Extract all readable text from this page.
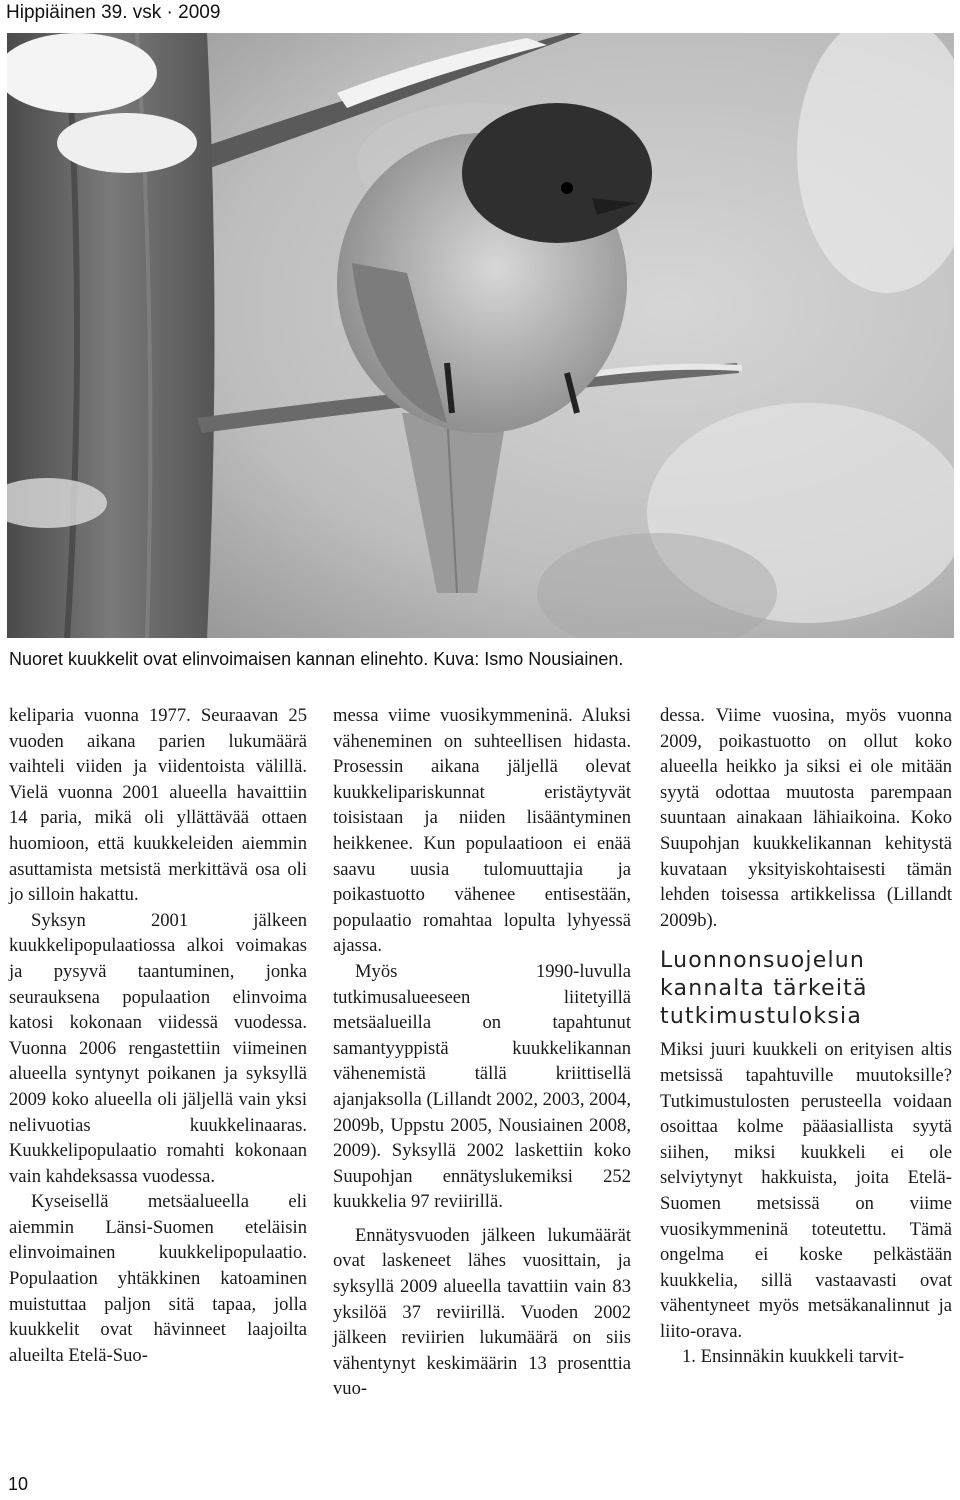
Hippiäinen 39. vsk · 2009
Nuoret kuukkelit ovat elinvoimaisen kannan elinehto. Kuva: Ismo Nousiainen.

keliparia vuonna 1977. Seuraavan 25 vuoden aikana parien lukumäärä vaihteli viiden ja viidentoista välillä. Vielä vuonna 2001 alueella havaittiin 14 paria, mikä oli yllättävää ottaen huomioon, että kuukkeleiden aiemmin asuttamista metsistä merkittävä osa oli jo silloin hakattu.

Syksyn 2001 jälkeen kuukkelipopulaatiossa alkoi voimakas ja pysyvä taantuminen, jonka seurauksena populaation elinvoima katosi kokonaan viidessä vuodessa. Vuonna 2006 rengastettiin viimeinen alueella syntynyt poikanen ja syksyllä 2009 koko alueella oli jäljellä vain yksi nelivuotias kuukkelinaaras. Kuukkelipopulaatio romahti kokonaan vain kahdeksassa vuodessa.

Kyseisellä metsäalueella eli aiemmin Länsi-Suomen eteläisin elinvoimainen kuukkelipopulaatio. Populaation yhtäkkinen katoaminen muistuttaa paljon sitä tapaa, jolla kuukkelit ovat hävinneet laajoilta alueilta Etelä-Suo-

messa viime vuosikymmeninä. Aluksi väheneminen on suhteellisen hidasta. Prosessin aikana jäljellä olevat kuukkelipariskunnat eristäytyvät toisistaan ja niiden lisääntyminen heikkenee. Kun populaatioon ei enää saavu uusia tulomuuttajia ja poikastuotto vähenee entisestään, populaatio romahtaa lopulta lyhyessä ajassa.

Myös 1990-luvulla tutkimusalueeseen liitetyillä metsäalueilla on tapahtunut samantyyppistä kuukkelikannan vähenemistä tällä kriittisellä ajanjaksolla (Lillandt 2002, 2003, 2004, 2009b, Uppstu 2005, Nousiainen 2008, 2009). Syksyllä 2002 laskettiin koko Suupohjan ennätyslukemiksi 252 kuukkelia 97 reviirillä.

Ennätysvuoden jälkeen lukumäärät ovat laskeneet lähes vuosittain, ja syksyllä 2009 alueella tavattiin vain 83 yksilöä 37 reviirillä. Vuoden 2002 jälkeen reviirien lukumäärä on siis vähentynyt keskimäärin 13 prosenttia vuo-

dessa. Viime vuosina, myös vuonna 2009, poikastuotto on ollut koko alueella heikko ja siksi ei ole mitään syytä odottaa muutosta parempaan suuntaan ainakaan lähiaikoina. Koko Suupohjan kuukkelikannan kehitystä kuvataan yksityiskohtaisesti tämän lehden toisessa artikkelissa (Lillandt 2009b).

Luonnonsuojelun kannalta tärkeitä tutkimustuloksia

Miksi juuri kuukkeli on erityisen altis metsissä tapahtuville muutoksille? Tutkimustulosten perusteella voidaan osoittaa kolme pääasiallista syytä siihen, miksi kuukkeli ei ole selviytynyt hakkuista, joita Etelä-Suomen metsissä on viime vuosikymmeninä toteutettu. Tämä ongelma ei koske pelkästään kuukkelia, sillä vastaavasti ovat vähentyneet myös metsäkanalinnut ja liito-orava.

1. Ensinnäkin kuukkeli tarvit-

10
